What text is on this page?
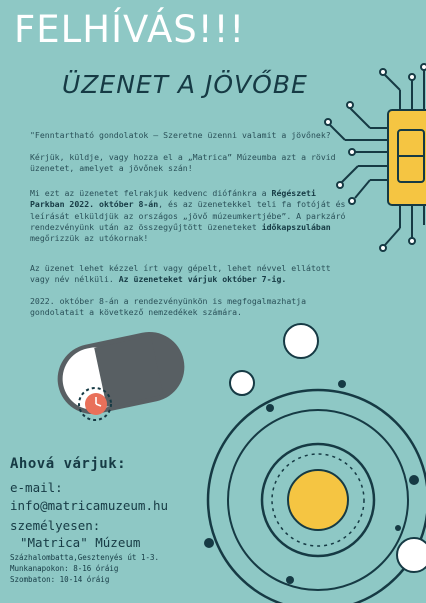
FELHÍVÁS!!!
ÜZENET A JÖVŐBE
"Fenntartható gondolatok – Szeretne üzenni valamit a jövőnek?
Kérjük, küldje, vagy hozza el a „Matrica” Múzeumba azt a rövid üzenetet, amelyet a jövőnek szán!
Mi ezt az üzenetet felrakjuk kedvenc diófánkra a Régészeti Parkban 2022. október 8-án, és az üzenetekkel teli fa fotóját és leírását elküldjük az országos „jövő múzeumkertjébe”. A parkzáró rendezvényünk után az összegyűjtött üzeneteket időkapszulában megőrizzük az utókornak!
Az üzenet lehet kézzel írt vagy gépelt, lehet névvel ellátott vagy név nélküli. Az üzeneteket várjuk október 7-ig.
2022. október 8-án a rendezvényünkön is megfogalmazhatja gondolatait a következő nemzedékek számára.
Ahová várjuk:
e-mail:
info@matricamuzeum.hu
személyesen:
"Matrica" Múzeum
Százhalombatta,Gesztenyés út 1-3.
Munkanapokon: 8-16 óráig
Szombaton: 10-14 óráig
